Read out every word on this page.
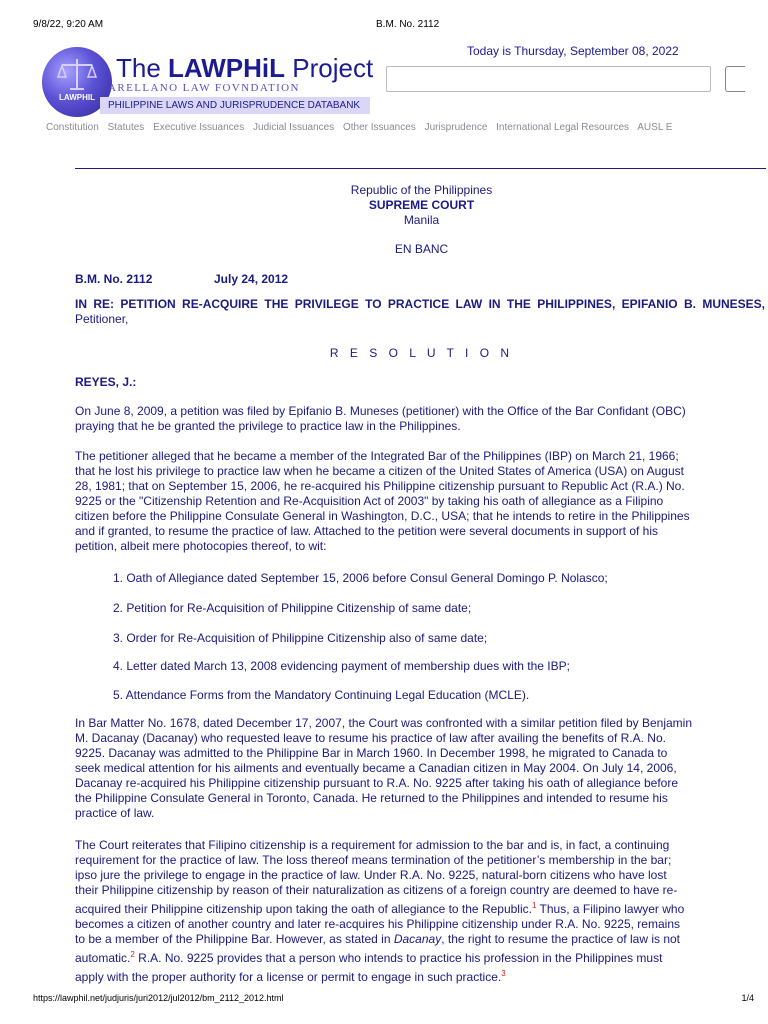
9/8/22, 9:20 AM	B.M. No. 2112
LAWPHIL
The LAWPHiL Project
ARELLANO LAW FOVNDATION
PHILIPPINE LAWS AND JURISPRUDENCE DATABANK
Today is Thursday, September 08, 2022
Constitution Statutes Executive Issuances Judicial Issuances Other Issuances Jurisprudence International Legal Resources AUSL E
Republic of the Philippines
SUPREME COURT
Manila
EN BANC
B.M. No. 2112	July 24, 2012
IN RE: PETITION RE-ACQUIRE THE PRIVILEGE TO PRACTICE LAW IN THE PHILIPPINES, EPIFANIO B. MUNESES, Petitioner,
R E S O L U T I O N
REYES, J.:
On June 8, 2009, a petition was filed by Epifanio B. Muneses (petitioner) with the Office of the Bar Confidant (OBC)
praying that he be granted the privilege to practice law in the Philippines.
The petitioner alleged that he became a member of the Integrated Bar of the Philippines (IBP) on March 21, 1966;
that he lost his privilege to practice law when he became a citizen of the United States of America (USA) on August
28, 1981; that on September 15, 2006, he re-acquired his Philippine citizenship pursuant to Republic Act (R.A.) No.
9225 or the "Citizenship Retention and Re-Acquisition Act of 2003" by taking his oath of allegiance as a Filipino
citizen before the Philippine Consulate General in Washington, D.C., USA; that he intends to retire in the Philippines
and if granted, to resume the practice of law. Attached to the petition were several documents in support of his
petition, albeit mere photocopies thereof, to wit:
1. Oath of Allegiance dated September 15, 2006 before Consul General Domingo P. Nolasco;
2. Petition for Re-Acquisition of Philippine Citizenship of same date;
3. Order for Re-Acquisition of Philippine Citizenship also of same date;
4. Letter dated March 13, 2008 evidencing payment of membership dues with the IBP;
5. Attendance Forms from the Mandatory Continuing Legal Education (MCLE).
In Bar Matter No. 1678, dated December 17, 2007, the Court was confronted with a similar petition filed by Benjamin
M. Dacanay (Dacanay) who requested leave to resume his practice of law after availing the benefits of R.A. No.
9225. Dacanay was admitted to the Philippine Bar in March 1960. In December 1998, he migrated to Canada to
seek medical attention for his ailments and eventually became a Canadian citizen in May 2004. On July 14, 2006,
Dacanay re-acquired his Philippine citizenship pursuant to R.A. No. 9225 after taking his oath of allegiance before
the Philippine Consulate General in Toronto, Canada. He returned to the Philippines and intended to resume his
practice of law.
The Court reiterates that Filipino citizenship is a requirement for admission to the bar and is, in fact, a continuing
requirement for the practice of law. The loss thereof means termination of the petitioner’s membership in the bar;
ipso jure the privilege to engage in the practice of law. Under R.A. No. 9225, natural-born citizens who have lost
their Philippine citizenship by reason of their naturalization as citizens of a foreign country are deemed to have re-
acquired their Philippine citizenship upon taking the oath of allegiance to the Republic.$^1$ Thus, a Filipino lawyer who
becomes a citizen of another country and later re-acquires his Philippine citizenship under R.A. No. 9225, remains
to be a member of the Philippine Bar. However, as stated in Dacanay, the right to resume the practice of law is not
automatic.$^2$ R.A. No. 9225 provides that a person who intends to practice his profession in the Philippines must
apply with the proper authority for a license or permit to engage in such practice.$^3$
https://lawphil.net/judjuris/juri2012/jul2012/bm_2112_2012.html	1/4
